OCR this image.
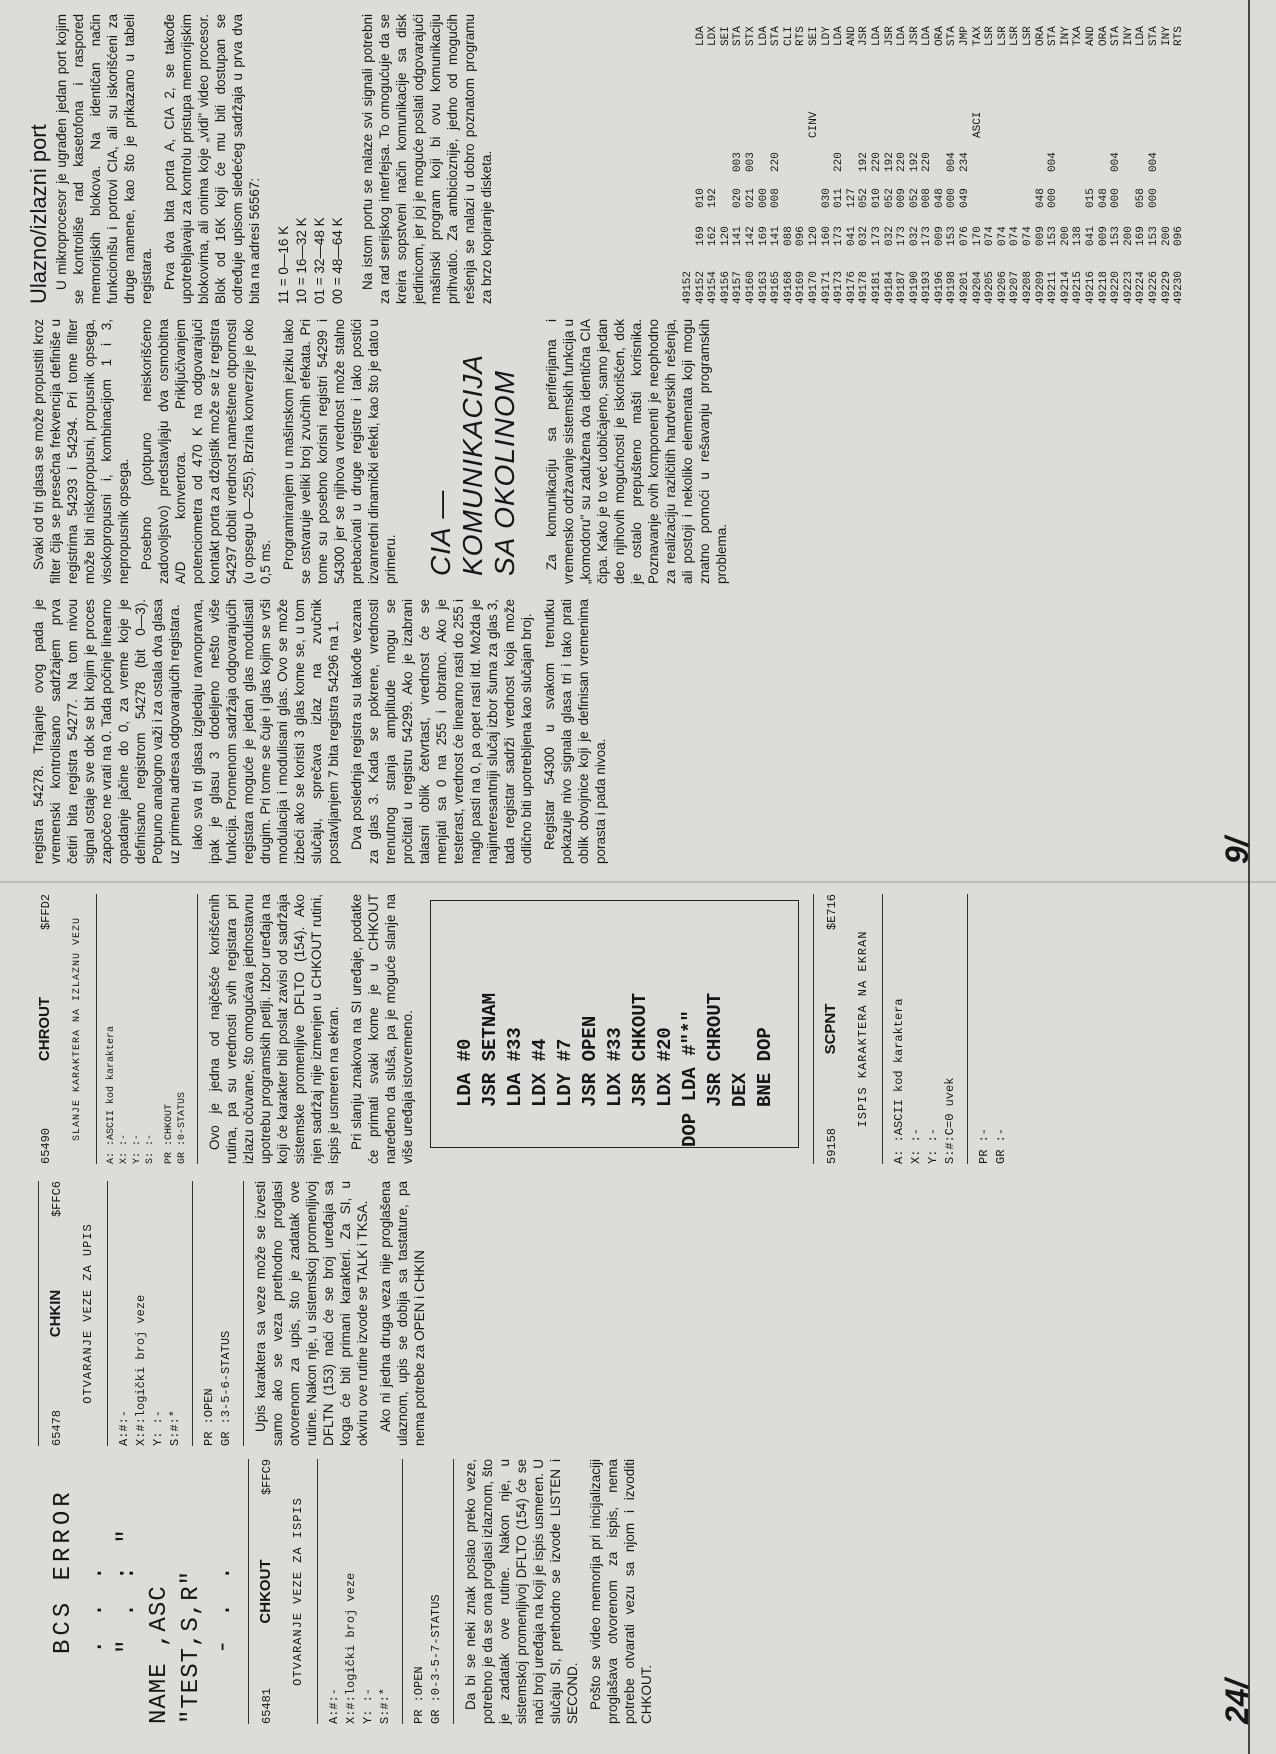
BCS ERROR . . . " . : " NAME ,ASC "TEST,S,R" - . .
65481
CHKOUT
$FFC9
OTVARANJE VEZE ZA ISPIS
A:#:- X:#:logički broj veze Y: :- S:#:* PR :OPEN GR :0-3-5-7-STATUS Da bi se neki znak poslao preko veze, potrebno je da se ona proglasi izlaznom, što je zadatak ove rutine. Nakon nje, u sistemskoj promenljivoj DFLTO (154) će se naći broj uređaja na koji je ispis usmeren. U slučaju SI, prethodno se izvode LISTEN i SECOND. Pošto se video memorija pri inicijalizaciji proglašava otvorenom za ispis, nema potrebe otvarati vezu sa njom i izvoditi CHKOUT.

65478
CHKIN
$FFC6
OTVARANJE VEZE ZA UPIS
A:#:- X:#:logički broj veze Y: :- S:#:* PR :OPEN GR :3-5-6-STATUS Upis karaktera sa veze može se izvesti samo ako se veza prethodno proglasi otvorenom za upis, što je zadatak ove rutine. Nakon nje, u sistemskoj promenljivoj DFLTN (153) naći će se broj uređaja sa koga će biti primani karakteri. Za SI, u okviru ove rutine izvode se TALK i TKSA. Ako ni jedna druga veza nije proglašena ulaznom, upis se dobija sa tastature, pa nema potrebe za OPEN i CHKIN

65490
CHROUT
$FFD2
SLANJE KARAKTERA NA IZLAZNU VEZU	A: :ASCII kod karaktera X: :- Y: :- S: :- PR :CHKOUT GR :0-STATUS Ovo je jedna od najčešće korišćenih rutina, pa su vrednosti svih registara pri izlazu očuvane, što omogućava jednostavnu upotrebu programskih petlji. Izbor uređaja na koji će karakter biti poslat zavisi od sadržaja sistemske promenljive DFLTO (154). Ako njen sadržaj nije izmenjen u CHKOUT rutini, ispis je usmeren na ekran. Pri slanju znakova na SI uređaje, podatke će primati svaki kome je u CHKOUT naređeno da sluša, pa je moguće slanje na više uređaja istovremeno. LDA #0 JSR SETNAM LDA #33 LDX #4 LDY #7 JSR OPEN LDX #33 JSR CHKOUT LDX #20 DOP LDA #"*" JSR CHROUT DEX BNE DOP
59158
SCPNT
$E716
ISPIS KARAKTERA NA EKRAN A: :ASCII kod karaktera X: :- Y: :- S:#:C=0 uvek PR :- GR :-

registra 54278. Trajanje ovog pada je vremenski kontrolisano sadržajem prva četiri bita registra 54277. Na tom nivou signal ostaje sve dok se bit kojim je proces započeo ne vrati na 0. Tada počinje linearno opadanje jačine do 0, za vreme koje je definisano registrom 54278 (bit 0—3). Potpuno analogno važi i za ostala dva glasa uz primenu adresa odgovarajućih registara. Iako sva tri glasa izgledaju ravnopravna, ipak je glasu 3 dodeljeno nešto više funkcija. Promenom sadržaja odgovarajućih registara moguće je jedan glas modulisati drugim. Pri tome se čuje i glas kojim se vrši modulacija i modulisani glas. Ovo se može izbeći ako se koristi 3 glas kome se, u tom slučaju, sprečava izlaz na zvučnik postavljanjem 7 bita registra 54296 na 1. Dva poslednja registra su takođe vezana za glas 3. Kada se pokrene, vrednosti trenutnog stanja amplitude mogu se pročitati u registru 54299. Ako je izabrani talasni oblik četvrtast, vrednost će se menjati sa 0 na 255 i obratno. Ako je testerast, vrednost će linearno rasti do 255 i naglo pasti na 0, pa opet rasti itd. Možda je najinteresantniji slučaj izbor šuma za glas 3, tada registar sadrži vrednost koja može odlično biti upotrebljena kao slučajan broj. Registar 54300 u svakom trenutku pokazuje nivo signala glasa tri i tako prati oblik obvojnice koji je definisan vremenima porasta i pada nivoa.

Svaki od tri glasa se može propustiti kroz filter čija se presečna frekvencija definiše u registrima 54293 i 54294. Pri tome filter može biti niskopropusni, propusnik opsega, visokopropusni i, kombinacijom 1 i 3, nepropusnik opsega. Posebno (potpuno neiskorišćeno zadovoljstvo) predstavljaju dva osmobitna A/D konvertora. Priključivanjem potenciometra od 470 K na odgovarajući kontakt porta za džojstik može se iz registra 54297 dobiti vrednost nameštene otpornosti (u opsegu 0—255). Brzina konverzije je oko 0,5 ms. Programiranjem u mašinskom jeziku lako se ostvaruje veliki broj zvučnih efekata. Pri tome su posebno korisni registri 54299 i 54300 jer se njihova vrednost može stalno prebacivati u druge registre i tako postići izvanredni dinamički efekti, kao što je dato u primeru. CIA — KOMUNIKACIJA SA OKOLINOM Za komunikaciju sa periferijama i vremensko održavanje sistemskih funkcija u „komodoru" su zadužena dva identična CIA čipa. Kako je to već uobičajeno, samo jedan deo njihovih mogućnosti je iskorišćen, dok je ostalo prepušteno mašti korisnika. Poznavanje ovih komponenti je neophodno za realizaciju različitih hardverskih rešenja, ali postoji i nekoliko elemenata koji mogu znatno pomoći u rešavanju programskih problema.

Ulazno/izlazni port U mikroprocesor je ugrađen jedan port kojim se kontroliše rad kasetofona i raspored memorijskih blokova. Na identičan način funkcionišu i portovi CIA, ali su iskorišćeni za druge namene, kao što je prikazano u tabeli registara. Prva dva bita porta A, CIA 2, se takođe upotrebljavaju za kontrolu pristupa memorijskim blokovima, ali onima koje „vidi" video procesor. Blok od 16K koji će mu biti dostupan se određuje upisom sledećeg sadržaja u prva dva bita na adresi 56567: 11 = 0—16 K 10 = 16—32 K 01 = 32—48 K 00 = 48—64 K Na istom portu se nalaze svi signali potrebni za rad serijskog interfejsa. To omogućuje da se kreira sopstveni način komunikacije sa disk jedinicom, jer joj je moguće poslati odgovarajući mašinski program koji bi ovu komunikaciju prihvatio. Za ambicioznije, jedno od mogućih rešenja se nalazi u dobro poznatom programu za brzo kopiranje disketa.	49152 49152
169
010
LDA
49154
162
192
LDX
49156
120
SEI
49157
141
020
003
STA
49160
142
021
003
STX
49163
169
000
LDA
49165
141
008
220
STA
49168
088
CLI
49169
096
RTS
49170
120
CINV
SEI
49171
160
030
LDY
49173
173
011
220
LDA
49176
041
127
AND
49178
032
052
192
JSR
49181
173
010
220
LDA
49184
032
052
192
JSR
49187
173
009
220
LDA
49190
032
052
192
JSR
49193
173
008
220
LDA
49196
009
048
ORA
49198
153
000
004
STA
49201
076
049
234
JMP
49204
170
ASCI
TAX
49205
074
LSR
49206
074
LSR
49207
074
LSR
49208
074
LSR
49209
009
048
ORA
49211
153
000
004
STA
49214
200
INY
49215
138
TXA
49216
041
015
AND
49218
009
048
ORA
49220
153
000
004
STA
49223
200
INY
49224
169
058
LDA
49226
153
000
004
STA
49229
200
INY
49230
096
RTS
24/
9/
